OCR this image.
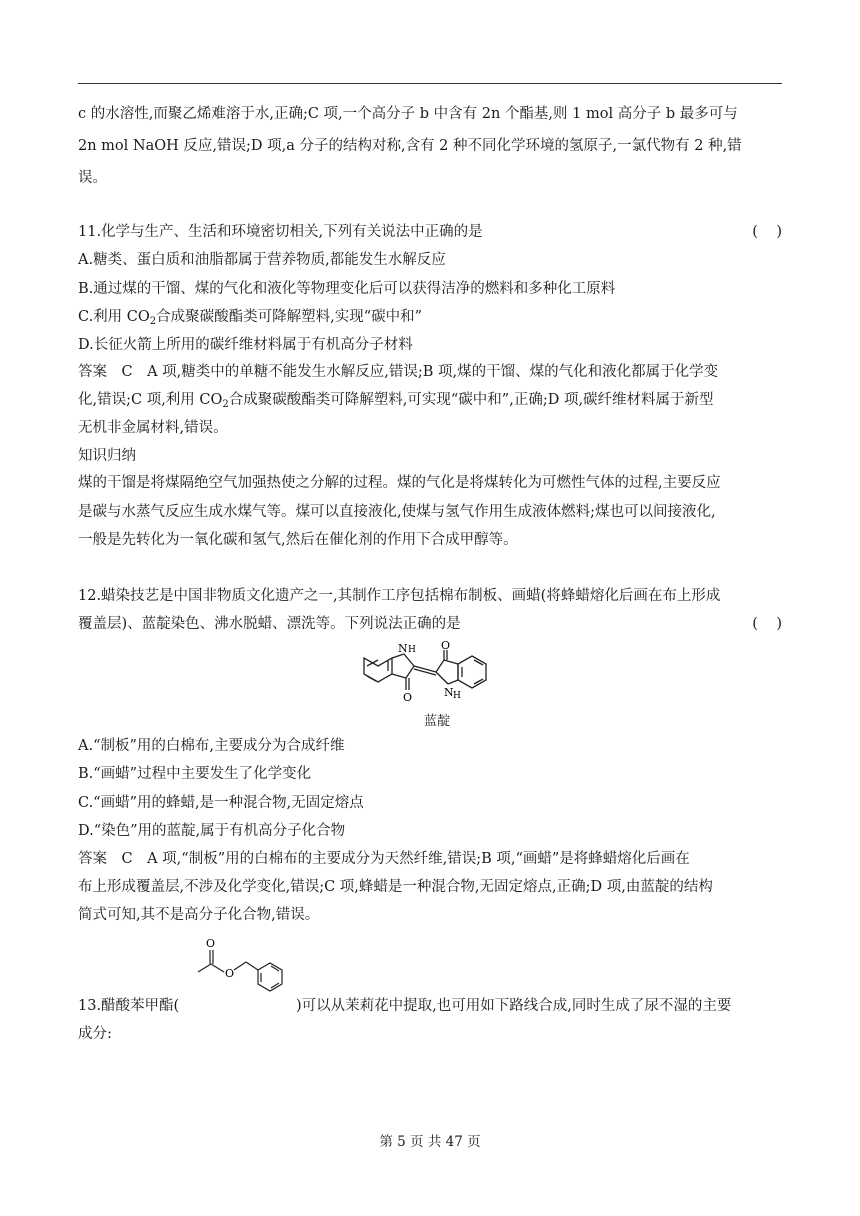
c 的水溶性,而聚乙烯难溶于水,正确;C 项,一个高分子 b 中含有 2n 个酯基,则 1 mol 高分子 b 最多可与
2n mol NaOH 反应,错误;D 项,a 分子的结构对称,含有 2 种不同化学环境的氢原子,一氯代物有 2 种,错
误。
11.化学与生产、生活和环境密切相关,下列有关说法中正确的是	(    )
A.糖类、蛋白质和油脂都属于营养物质,都能发生水解反应
B.通过煤的干馏、煤的气化和液化等物理变化后可以获得洁净的燃料和多种化工原料
C.利用 $CO_2$合成聚碳酸酯类可降解塑料,实现“碳中和”
D.长征火箭上所用的碳纤维材料属于有机高分子材料
答案　C　A 项,糖类中的单糖不能发生水解反应,错误;B 项,煤的干馏、煤的气化和液化都属于化学变
化,错误;C 项,利用 $CO_2$合成聚碳酸酯类可降解塑料,可实现“碳中和”,正确;D 项,碳纤维材料属于新型
无机非金属材料,错误。
知识归纳
煤的干馏是将煤隔绝空气加强热使之分解的过程。煤的气化是将煤转化为可燃性气体的过程,主要反应
是碳与水蒸气反应生成水煤气等。煤可以直接液化,使煤与氢气作用生成液体燃料;煤也可以间接液化,
一般是先转化为一氧化碳和氢气,然后在催化剂的作用下合成甲醇等。
12.蜡染技艺是中国非物质文化遗产之一,其制作工序包括棉布制板、画蜡(将蜂蜡熔化后画在布上形成
覆盖层)、蓝靛染色、沸水脱蜡、漂洗等。下列说法正确的是	(    )
N H
O
O
N H
蓝靛
A.“制板”用的白棉布,主要成分为合成纤维
B.“画蜡”过程中主要发生了化学变化
C.“画蜡”用的蜂蜡,是一种混合物,无固定熔点
D.“染色”用的蓝靛,属于有机高分子化合物
答案　C　A 项,“制板”用的白棉布的主要成分为天然纤维,错误;B 项,“画蜡”是将蜂蜡熔化后画在
布上形成覆盖层,不涉及化学变化,错误;C 项,蜂蜡是一种混合物,无固定熔点,正确;D 项,由蓝靛的结构
简式可知,其不是高分子化合物,错误。
13.醋酸苯甲酯(
O
O
)可以从茉莉花中提取,也可用如下路线合成,同时生成了尿不湿的主要
成分:
第 5 页 共 47 页
